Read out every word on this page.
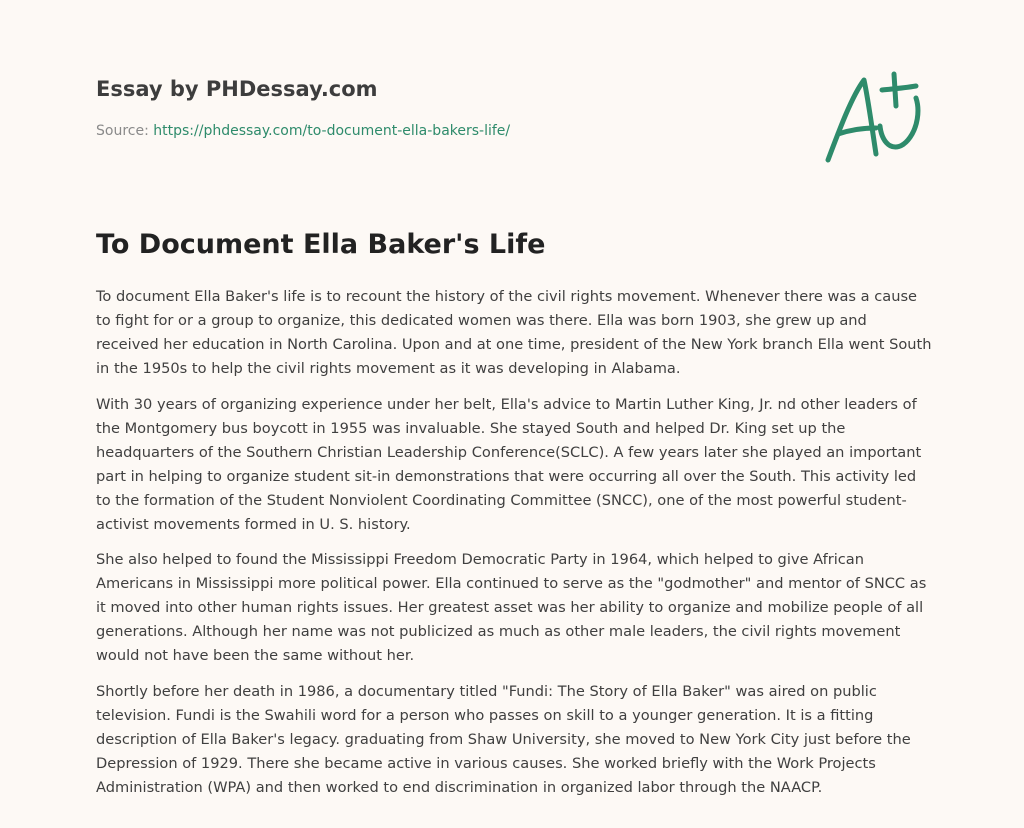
Essay by PHDessay.com

Source: https://phdessay.com/to-document-ella-bakers-life/
To Document Ella Baker's Life

To document Ella Baker's life is to recount the history of the civil rights movement. Whenever there was a cause to fight for or a group to organize, this dedicated women was there. Ella was born 1903, she grew up and received her education in North Carolina. Upon and at one time, president of the New York branch Ella went South in the 1950s to help the civil rights movement as it was developing in Alabama.

With 30 years of organizing experience under her belt, Ella's advice to Martin Luther King, Jr. nd other leaders of the Montgomery bus boycott in 1955 was invaluable. She stayed South and helped Dr. King set up the headquarters of the Southern Christian Leadership Conference(SCLC). A few years later she played an important part in helping to organize student sit-in demonstrations that were occurring all over the South. This activity led to the formation of the Student Nonviolent Coordinating Committee (SNCC), one of the most powerful student-activist movements formed in U. S. history.

She also helped to found the Mississippi Freedom Democratic Party in 1964, which helped to give African Americans in Mississippi more political power. Ella continued to serve as the "godmother" and mentor of SNCC as it moved into other human rights issues. Her greatest asset was her ability to organize and mobilize people of all generations. Although her name was not publicized as much as other male leaders, the civil rights movement would not have been the same without her.

Shortly before her death in 1986, a documentary titled "Fundi: The Story of Ella Baker" was aired on public television. Fundi is the Swahili word for a person who passes on skill to a younger generation. It is a fitting description of Ella Baker's legacy. graduating from Shaw University, she moved to New York City just before the Depression of 1929. There she became active in various causes. She worked briefly with the Work Projects Administration (WPA) and then worked to end discrimination in organized labor through the NAACP.
